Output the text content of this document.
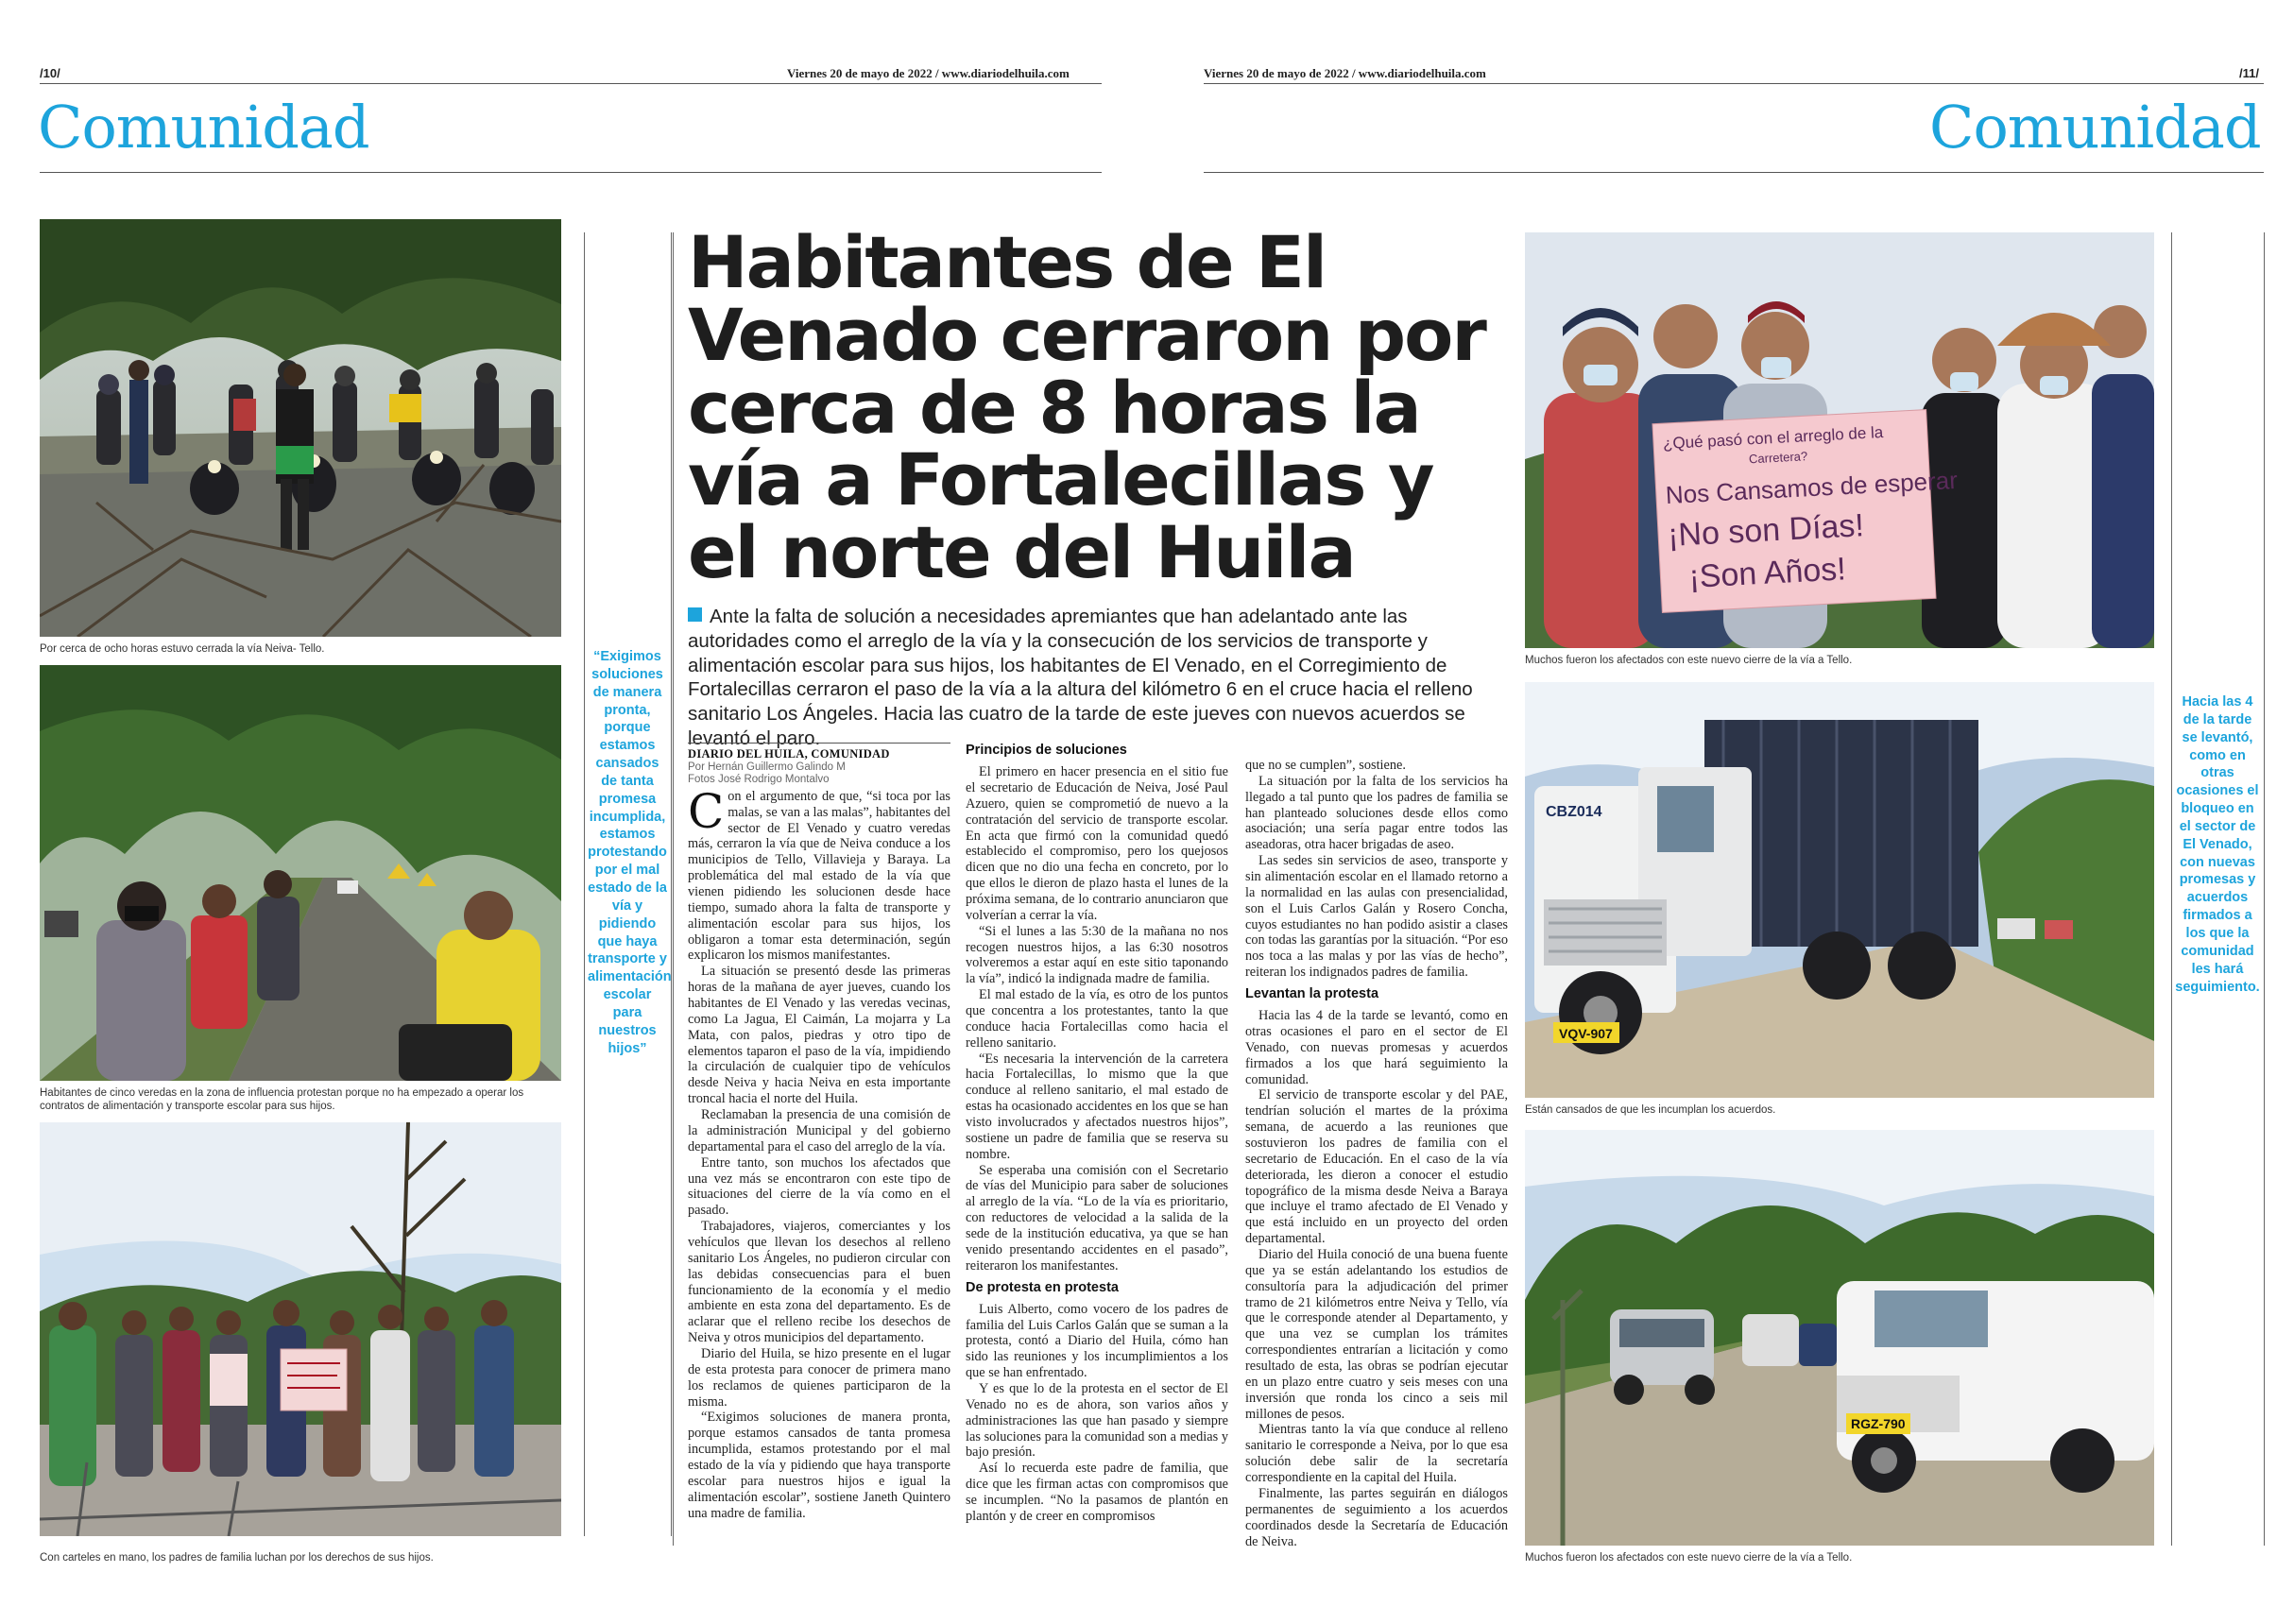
/10/	Viernes 20 de mayo de 2022 / www.diariodelhuila.com
Comunidad
Viernes 20 de mayo de 2022 / www.diariodelhuila.com	/11/
Comunidad
Por cerca de ocho horas estuvo cerrada la vía Neiva- Tello.
Habitantes de cinco veredas en la zona de influencia protestan porque no ha empezado a operar los contratos de alimentación y transporte escolar para sus hijos.
Con carteles en mano, los padres de familia luchan por los derechos de sus hijos.
“Exigimos soluciones de manera pronta, porque estamos cansados de tanta promesa incumplida, estamos protestando por el mal estado de la vía y pidiendo que haya transporte y alimentación escolar para nuestros hijos”
Habitantes de El Venado cerraron por cerca de 8 horas la vía a Fortalecillas y el norte del Huila
Ante la falta de solución a necesidades apremiantes que han adelantado ante las autoridades como el arreglo de la vía y la consecución de los servicios de transporte y alimentación escolar para sus hijos, los habitantes de El Venado, en el Corregimiento de Fortalecillas cerraron el paso de la vía a la altura del kilómetro 6 en el cruce hacia el relleno sanitario Los Ángeles. Hacia las cuatro de la tarde de este jueves con nuevos acuerdos se levantó el paro.
DIARIO DEL HUILA, COMUNIDAD
Por Hernán Guillermo Galindo M
Fotos José Rodrigo Montalvo

Con el argumento de que, “si toca por las malas, se van a las malas”, habitantes del sector de El Venado y cuatro veredas más, cerraron la vía que de Neiva conduce a los municipios de Tello, Villavieja y Baraya. La problemática del mal estado de la vía que vienen pidiendo les solucionen desde hace tiempo, sumado ahora la falta de transporte y alimentación escolar para sus hijos, los obligaron a tomar esta determinación, según explicaron los mismos manifestantes.

La situación se presentó desde las primeras horas de la mañana de ayer jueves, cuando los habitantes de El Venado y las veredas vecinas, como La Jagua, El Caimán, La mojarra y La Mata, con palos, piedras y otro tipo de elementos taparon el paso de la vía, impidiendo la circulación de cualquier tipo de vehículos desde Neiva y hacia Neiva en esta importante troncal hacia el norte del Huila.

Reclamaban la presencia de una comisión de la administración Municipal y del gobierno departamental para el caso del arreglo de la vía.

Entre tanto, son muchos los afectados que una vez más se encontraron con este tipo de situaciones del cierre de la vía como en el pasado.

Trabajadores, viajeros, comerciantes y los vehículos que llevan los desechos al relleno sanitario Los Ángeles, no pudieron circular con las debidas consecuencias para el buen funcionamiento de la economía y el medio ambiente en esta zona del departamento. Es de aclarar que el relleno recibe los desechos de Neiva y otros municipios del departamento.

Diario del Huila, se hizo presente en el lugar de esta protesta para conocer de primera mano los reclamos de quienes participaron de la misma.

“Exigimos soluciones de manera pronta, porque estamos cansados de tanta promesa incumplida, estamos protestando por el mal estado de la vía y pidiendo que haya transporte escolar para nuestros hijos e igual la alimentación escolar”, sostiene Janeth Quintero una madre de familia.

Principios de soluciones

El primero en hacer presencia en el sitio fue el secretario de Educación de Neiva, José Paul Azuero, quien se comprometió de nuevo a la contratación del servicio de transporte escolar. En acta que firmó con la comunidad quedó establecido el compromiso, pero los quejosos dicen que no dio una fecha en concreto, por lo que ellos le dieron de plazo hasta el lunes de la próxima semana, de lo contrario anunciaron que volverían a cerrar la vía.

“Si el lunes a las 5:30 de la mañana no nos recogen nuestros hijos, a las 6:30 nosotros volveremos a estar aquí en este sitio taponando la vía”, indicó la indignada madre de familia.

El mal estado de la vía, es otro de los puntos que concentra a los protestantes, tanto la que conduce hacia Fortalecillas como hacia el relleno sanitario.

“Es necesaria la intervención de la carretera hacia Fortalecillas, lo mismo que la que conduce al relleno sanitario, el mal estado de estas ha ocasionado accidentes en los que se han visto involucrados y afectados nuestros hijos”, sostiene un padre de familia que se reserva su nombre.

Se esperaba una comisión con el Secretario de vías del Municipio para saber de soluciones al arreglo de la vía. “Lo de la vía es prioritario, con reductores de velocidad a la salida de la sede de la institución educativa, ya que se han venido presentando accidentes en el pasado”, reiteraron los manifestantes.

De protesta en protesta

Luis Alberto, como vocero de los padres de familia del Luis Carlos Galán que se suman a la protesta, contó a Diario del Huila, cómo han sido las reuniones y los incumplimientos a los que se han enfrentado.

Y es que lo de la protesta en el sector de El Venado no es de ahora, son varios años y administraciones las que han pasado y siempre las soluciones para la comunidad son a medias y bajo presión.

Así lo recuerda este padre de familia, que dice que les firman actas con compromisos que se incumplen. “No la pasamos de plantón en plantón y de creer en compromisos

que no se cumplen”, sostiene.

La situación por la falta de los servicios ha llegado a tal punto que los padres de familia se han planteado soluciones desde ellos como asociación; una sería pagar entre todos las aseadoras, otra hacer brigadas de aseo.

Las sedes sin servicios de aseo, transporte y sin alimentación escolar en el llamado retorno a la normalidad en las aulas con presencialidad, son el Luis Carlos Galán y Rosero Concha, cuyos estudiantes no han podido asistir a clases con todas las garantías por la situación. “Por eso nos toca a las malas y por las vías de hecho”, reiteran los indignados padres de familia.

Levantan la protesta

Hacia las 4 de la tarde se levantó, como en otras ocasiones el paro en el sector de El Venado, con nuevas promesas y acuerdos firmados a los que hará seguimiento la comunidad.

El servicio de transporte escolar y del PAE, tendrían solución el martes de la próxima semana, de acuerdo a las reuniones que sostuvieron los padres de familia con el secretario de Educación. En el caso de la vía deteriorada, les dieron a conocer el estudio topográfico de la misma desde Neiva a Baraya que incluye el tramo afectado de El Venado y que está incluido en un proyecto del orden departamental.

Diario del Huila conoció de una buena fuente que ya se están adelantando los estudios de consultoría para la adjudicación del primer tramo de 21 kilómetros entre Neiva y Tello, vía que le corresponde atender al Departamento, y que una vez se cumplan los trámites correspondientes entrarían a licitación y como resultado de esta, las obras se podrían ejecutar en un plazo entre cuatro y seis meses con una inversión que ronda los cinco a seis mil millones de pesos.

Mientras tanto la vía que conduce al relleno sanitario le corresponde a Neiva, por lo que esa solución debe salir de la secretaría correspondiente en la capital del Huila.

Finalmente, las partes seguirán en diálogos permanentes de seguimiento a los acuerdos coordinados desde la Secretaría de Educación de Neiva.

¿Qué pasó con el arreglo de la
Carretera?
Nos Cansamos de esperar
¡No son Días!
¡Son Años!
Muchos fueron los afectados con este nuevo cierre de la vía a Tello.
VQV-907
CBZ014
Están cansados de que les incumplan los acuerdos.
RGZ-790
Muchos fueron los afectados con este nuevo cierre de la vía a Tello.
Hacia las 4 de la tarde se levantó, como en otras ocasiones el bloqueo en el sector de El Venado, con nuevas promesas y acuerdos firmados a los que la comunidad les hará seguimiento.
